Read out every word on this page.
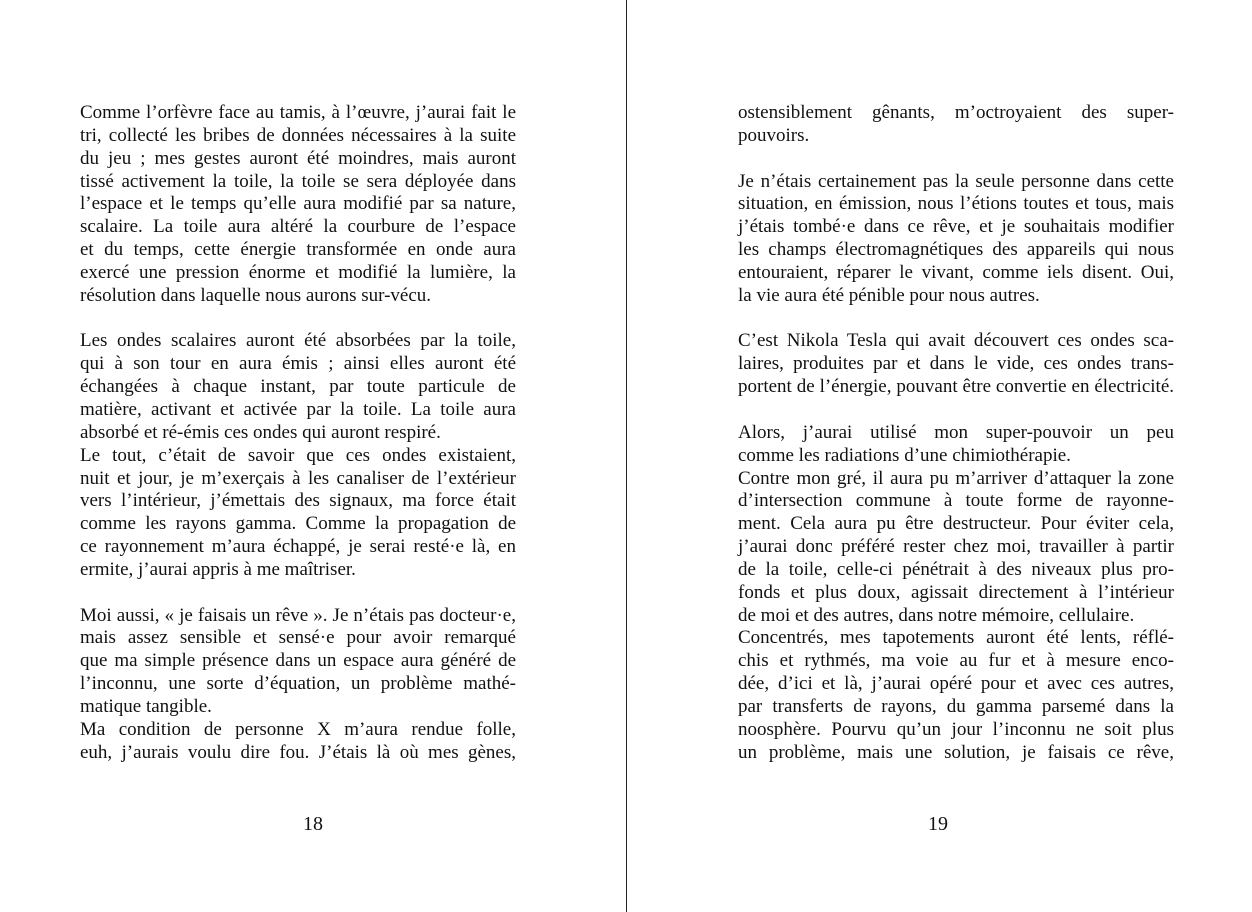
Comme l’orfèvre face au tamis, à l’œuvre, j’aurai fait le
tri, collecté les bribes de données nécessaires à la suite
du jeu ; mes gestes auront été moindres, mais auront
tissé activement la toile, la toile se sera déployée dans
l’espace et le temps qu’elle aura modifié par sa nature,
scalaire. La toile aura altéré la courbure de l’espace
et du temps, cette énergie transformée en onde aura
exercé une pression énorme et modifié la lumière, la
résolution dans laquelle nous aurons sur-vécu.
Les ondes scalaires auront été absorbées par la toile,
qui à son tour en aura émis ; ainsi elles auront été
échangées à chaque instant, par toute particule de
matière, activant et activée par la toile. La toile aura
absorbé et ré-émis ces ondes qui auront respiré.
Le tout, c’était de savoir que ces ondes existaient,
nuit et jour, je m’exerçais à les canaliser de l’extérieur
vers l’intérieur, j’émettais des signaux, ma force était
comme les rayons gamma. Comme la propagation de
ce rayonnement m’aura échappé, je serai resté·e là, en
ermite, j’aurai appris à me maîtriser.
Moi aussi, « je faisais un rêve ». Je n’étais pas docteur·e,
mais assez sensible et sensé·e pour avoir remarqué
que ma simple présence dans un espace aura généré de
l’inconnu, une sorte d’équation, un problème mathé-
matique tangible.
Ma condition de personne X m’aura rendue folle,
euh, j’aurais voulu dire fou. J’étais là où mes gènes,
18
ostensiblement gênants, m’octroyaient des super-
pouvoirs.
Je n’étais certainement pas la seule personne dans cette
situation, en émission, nous l’étions toutes et tous, mais
j’étais tombé·e dans ce rêve, et je souhaitais modifier
les champs électromagnétiques des appareils qui nous
entouraient, réparer le vivant, comme iels disent. Oui,
la vie aura été pénible pour nous autres.
C’est Nikola Tesla qui avait découvert ces ondes sca-
laires, produites par et dans le vide, ces ondes trans-
portent de l’énergie, pouvant être convertie en électricité.
Alors, j’aurai utilisé mon super-pouvoir un peu
comme les radiations d’une chimiothérapie.
Contre mon gré, il aura pu m’arriver d’attaquer la zone
d’intersection commune à toute forme de rayonne-
ment. Cela aura pu être destructeur. Pour éviter cela,
j’aurai donc préféré rester chez moi, travailler à partir
de la toile, celle-ci pénétrait à des niveaux plus pro-
fonds et plus doux, agissait directement à l’intérieur
de moi et des autres, dans notre mémoire, cellulaire.
Concentrés, mes tapotements auront été lents, réflé-
chis et rythmés, ma voie au fur et à mesure enco-
dée, d’ici et là, j’aurai opéré pour et avec ces autres,
par transferts de rayons, du gamma parsemé dans la
noosphère. Pourvu qu’un jour l’inconnu ne soit plus
un problème, mais une solution, je faisais ce rêve,
19
